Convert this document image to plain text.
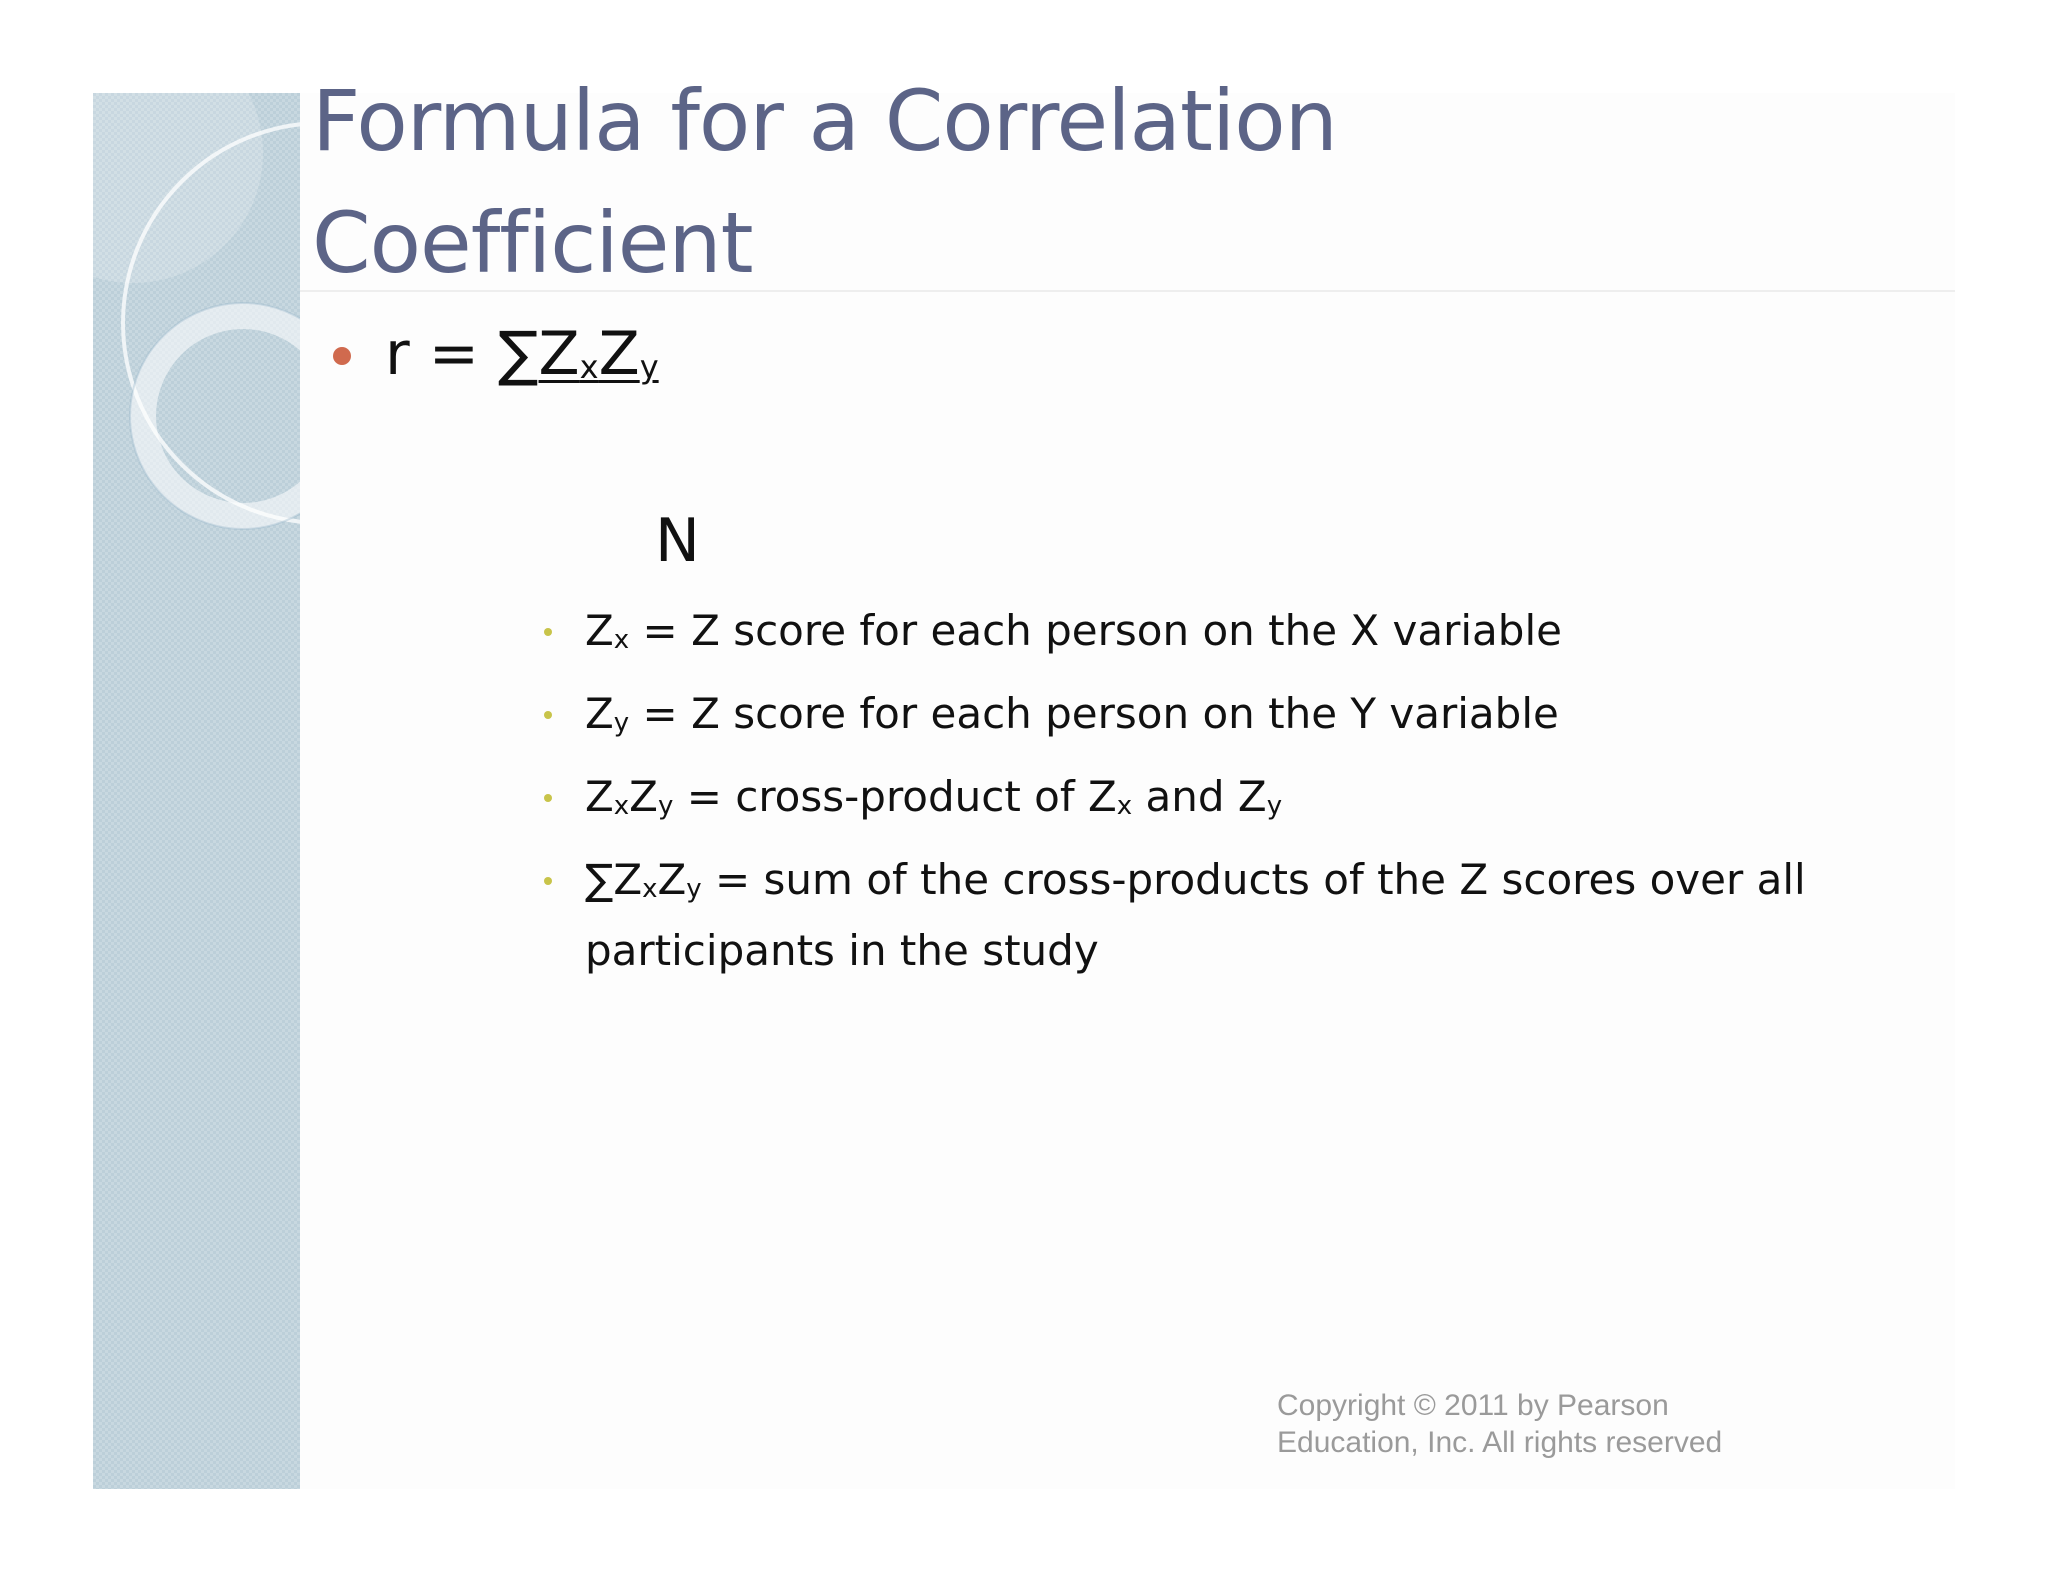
Formula for a Correlation Coefficient
$r = \sum Z_xZ_y$
N
$Z_x = Z$ score for each person on the X variable
$Z_y = Z$ score for each person on the Y variable
$Z_xZ_y$ = cross-product of $Z_x$ and $Z_y$
$\sum Z_xZ_y$ = sum of the cross-products of the Z scores over all participants in the study
Copyright © 2011 by Pearson
Education, Inc. All rights reserved
